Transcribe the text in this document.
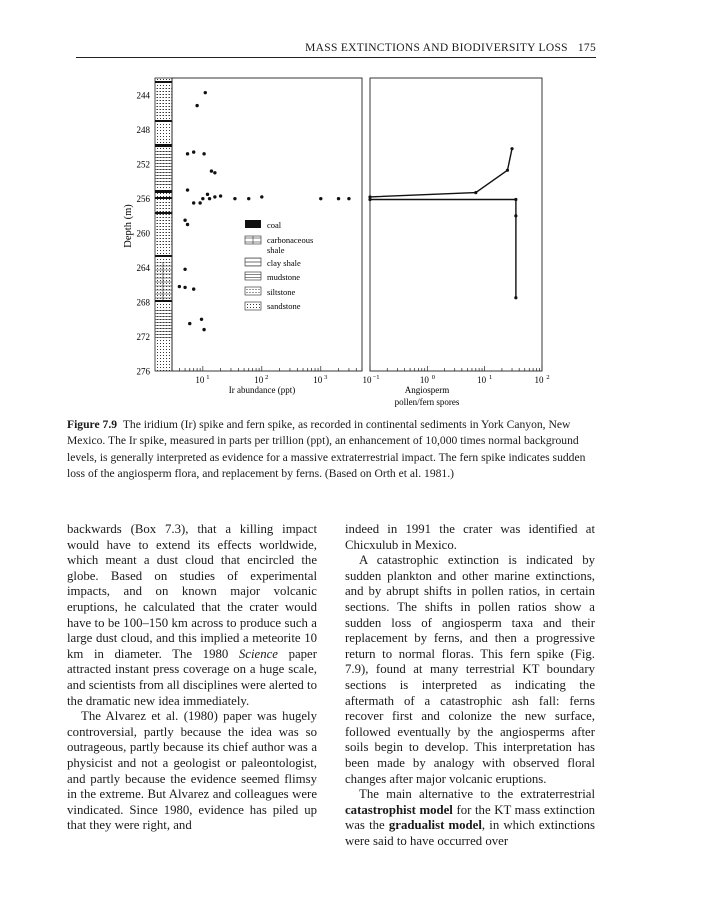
MASS EXTINCTIONS AND BIODIVERSITY LOSS 175
Depth (m)
244
248
252
256
260
264
268
272
276
10 1	10 2	10 3
Ir abundance (ppt)
coal
carbonaceous
shale
clay shale
mudstone
siltstone
sandstone
10 −1	10 0	10 1	10 2
Angiosperm
pollen/fern spores
Figure 7.9 The iridium (Ir) spike and fern spike, as recorded in continental sediments in York Canyon, New Mexico. The Ir spike, measured in parts per trillion (ppt), an enhancement of 10,000 times normal background levels, is generally interpreted as evidence for a massive extraterrestrial impact. The fern spike indicates sudden loss of the angiosperm flora, and replacement by ferns. (Based on Orth et al. 1981.)

backwards (Box 7.3), that a killing impact would have to extend its effects worldwide, which meant a dust cloud that encircled the globe. Based on studies of experimental impacts, and on known major volcanic eruptions, he calculated that the crater would have to be 100–150 km across to produce such a large dust cloud, and this implied a meteorite 10 km in diameter. The 1980 Science paper attracted instant press coverage on a huge scale, and scientists from all disciplines were alerted to the dramatic new idea immediately.

The Alvarez et al. (1980) paper was hugely controversial, partly because the idea was so outrageous, partly because its chief author was a physicist and not a geologist or paleontologist, and partly because the evidence seemed flimsy in the extreme. But Alvarez and colleagues were vindicated. Since 1980, evidence has piled up that they were right, and

indeed in 1991 the crater was identified at Chicxulub in Mexico.

A catastrophic extinction is indicated by sudden plankton and other marine extinctions, and by abrupt shifts in pollen ratios, in certain sections. The shifts in pollen ratios show a sudden loss of angiosperm taxa and their replacement by ferns, and then a progressive return to normal floras. This fern spike (Fig. 7.9), found at many terrestrial KT boundary sections is interpreted as indicating the aftermath of a catastrophic ash fall: ferns recover first and colonize the new surface, followed eventually by the angiosperms after soils begin to develop. This interpretation has been made by analogy with observed floral changes after major volcanic eruptions.

The main alternative to the extraterrestrial catastrophist model for the KT mass extinction was the gradualist model, in which extinctions were said to have occurred over
